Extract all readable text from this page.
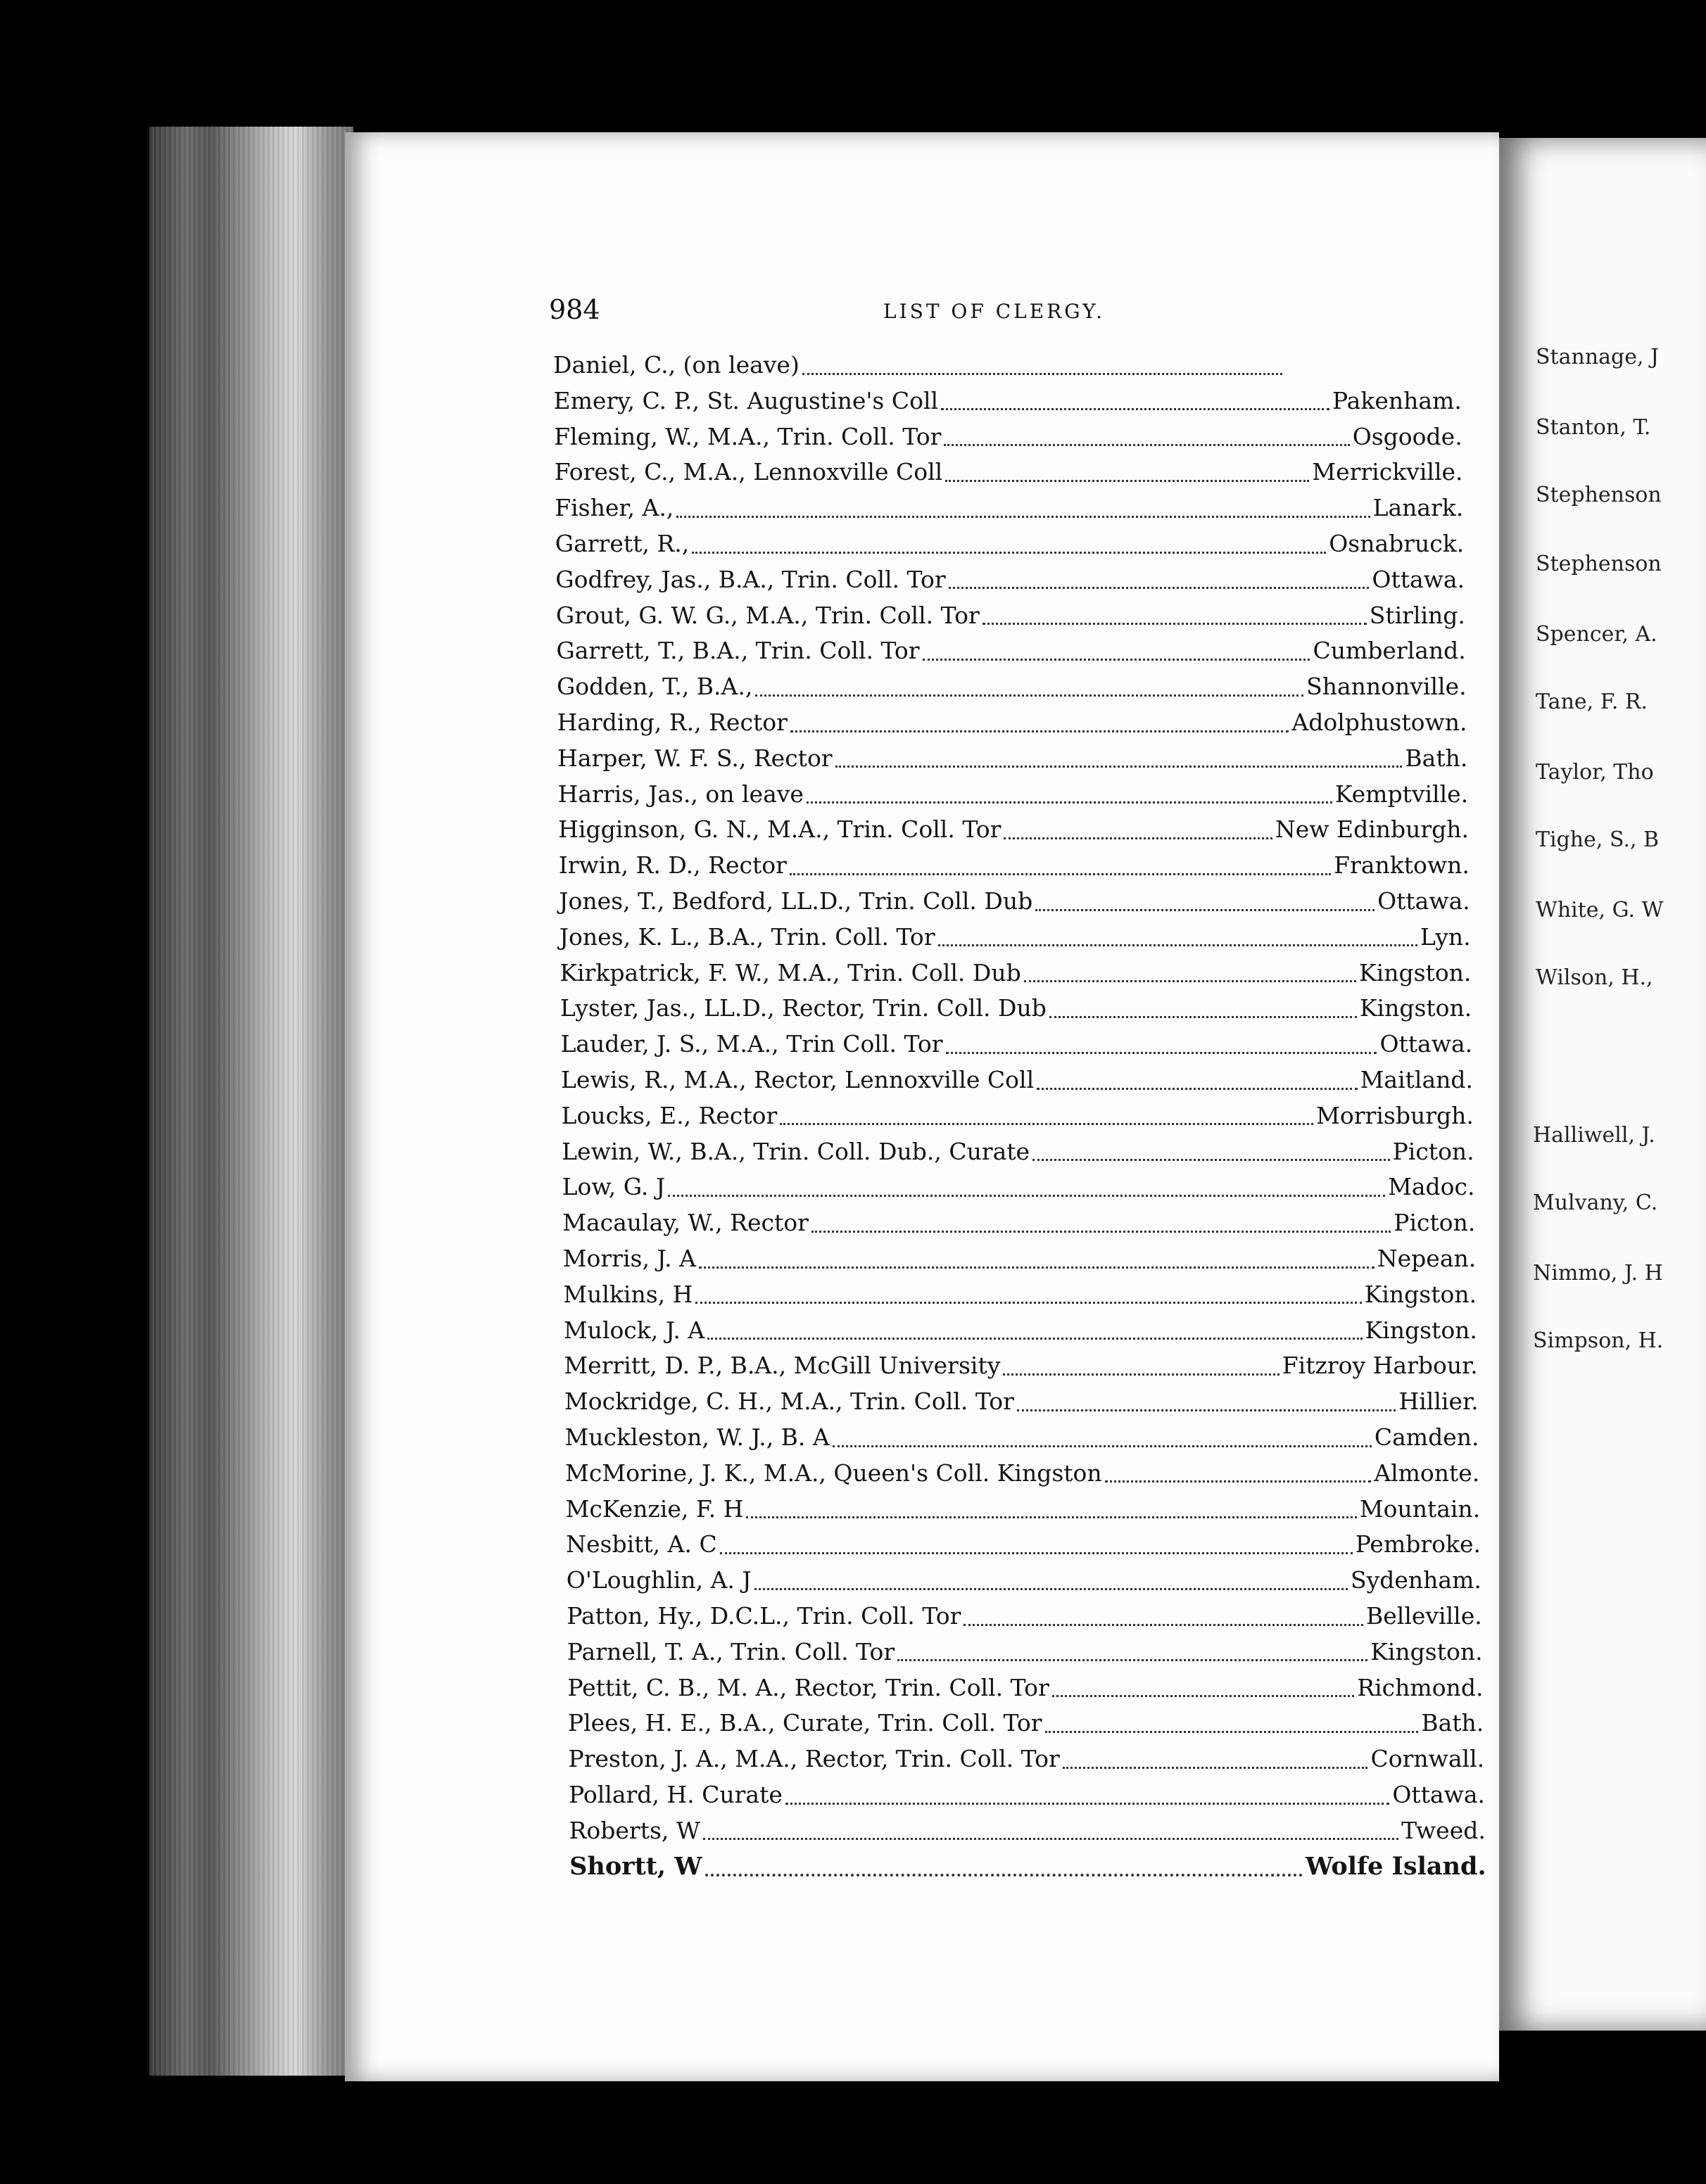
984	LIST OF CLERGY.
Daniel, C., (on leave)
Emery, C. P., St. Augustine's Coll	Pakenham.
Fleming, W., M.A., Trin. Coll. Tor	Osgoode.
Forest, C., M.A., Lennoxville Coll	Merrickville.
Fisher, A.,	Lanark.
Garrett, R.,	Osnabruck.
Godfrey, Jas., B.A., Trin. Coll. Tor	Ottawa.
Grout, G. W. G., M.A., Trin. Coll. Tor	Stirling.
Garrett, T., B.A., Trin. Coll. Tor	Cumberland.
Godden, T., B.A.,	Shannonville.
Harding, R., Rector	Adolphustown.
Harper, W. F. S., Rector	Bath.
Harris, Jas., on leave	Kemptville.
Higginson, G. N., M.A., Trin. Coll. Tor	New Edinburgh.
Irwin, R. D., Rector	Franktown.
Jones, T., Bedford, LL.D., Trin. Coll. Dub	Ottawa.
Jones, K. L., B.A., Trin. Coll. Tor	Lyn.
Kirkpatrick, F. W., M.A., Trin. Coll. Dub	Kingston.
Lyster, Jas., LL.D., Rector, Trin. Coll. Dub	Kingston.
Lauder, J. S., M.A., Trin Coll. Tor	Ottawa.
Lewis, R., M.A., Rector, Lennoxville Coll	Maitland.
Loucks, E., Rector	Morrisburgh.
Lewin, W., B.A., Trin. Coll. Dub., Curate	Picton.
Low, G. J	Madoc.
Macaulay, W., Rector	Picton.
Morris, J. A	Nepean.
Mulkins, H	Kingston.
Mulock, J. A	Kingston.
Merritt, D. P., B.A., McGill University	Fitzroy Harbour.
Mockridge, C. H., M.A., Trin. Coll. Tor	Hillier.
Muckleston, W. J., B. A	Camden.
McMorine, J. K., M.A., Queen's Coll. Kingston	Almonte.
McKenzie, F. H	Mountain.
Nesbitt, A. C	Pembroke.
O'Loughlin, A. J	Sydenham.
Patton, Hy., D.C.L., Trin. Coll. Tor	Belleville.
Parnell, T. A., Trin. Coll. Tor	Kingston.
Pettit, C. B., M. A., Rector, Trin. Coll. Tor	Richmond.
Plees, H. E., B.A., Curate, Trin. Coll. Tor	Bath.
Preston, J. A., M.A., Rector, Trin. Coll. Tor	Cornwall.
Pollard, H. Curate	Ottawa.
Roberts, W	Tweed.
Shortt, W	Wolfe Island.
Stannage, J
Stanton, T.
Stephenson
Stephenson
Spencer, A.
Tane, F. R.
Taylor, Tho
Tighe, S., B
White, G. W
Wilson, H.,
Halliwell, J.
Mulvany, C.
Nimmo, J. H
Simpson, H.
